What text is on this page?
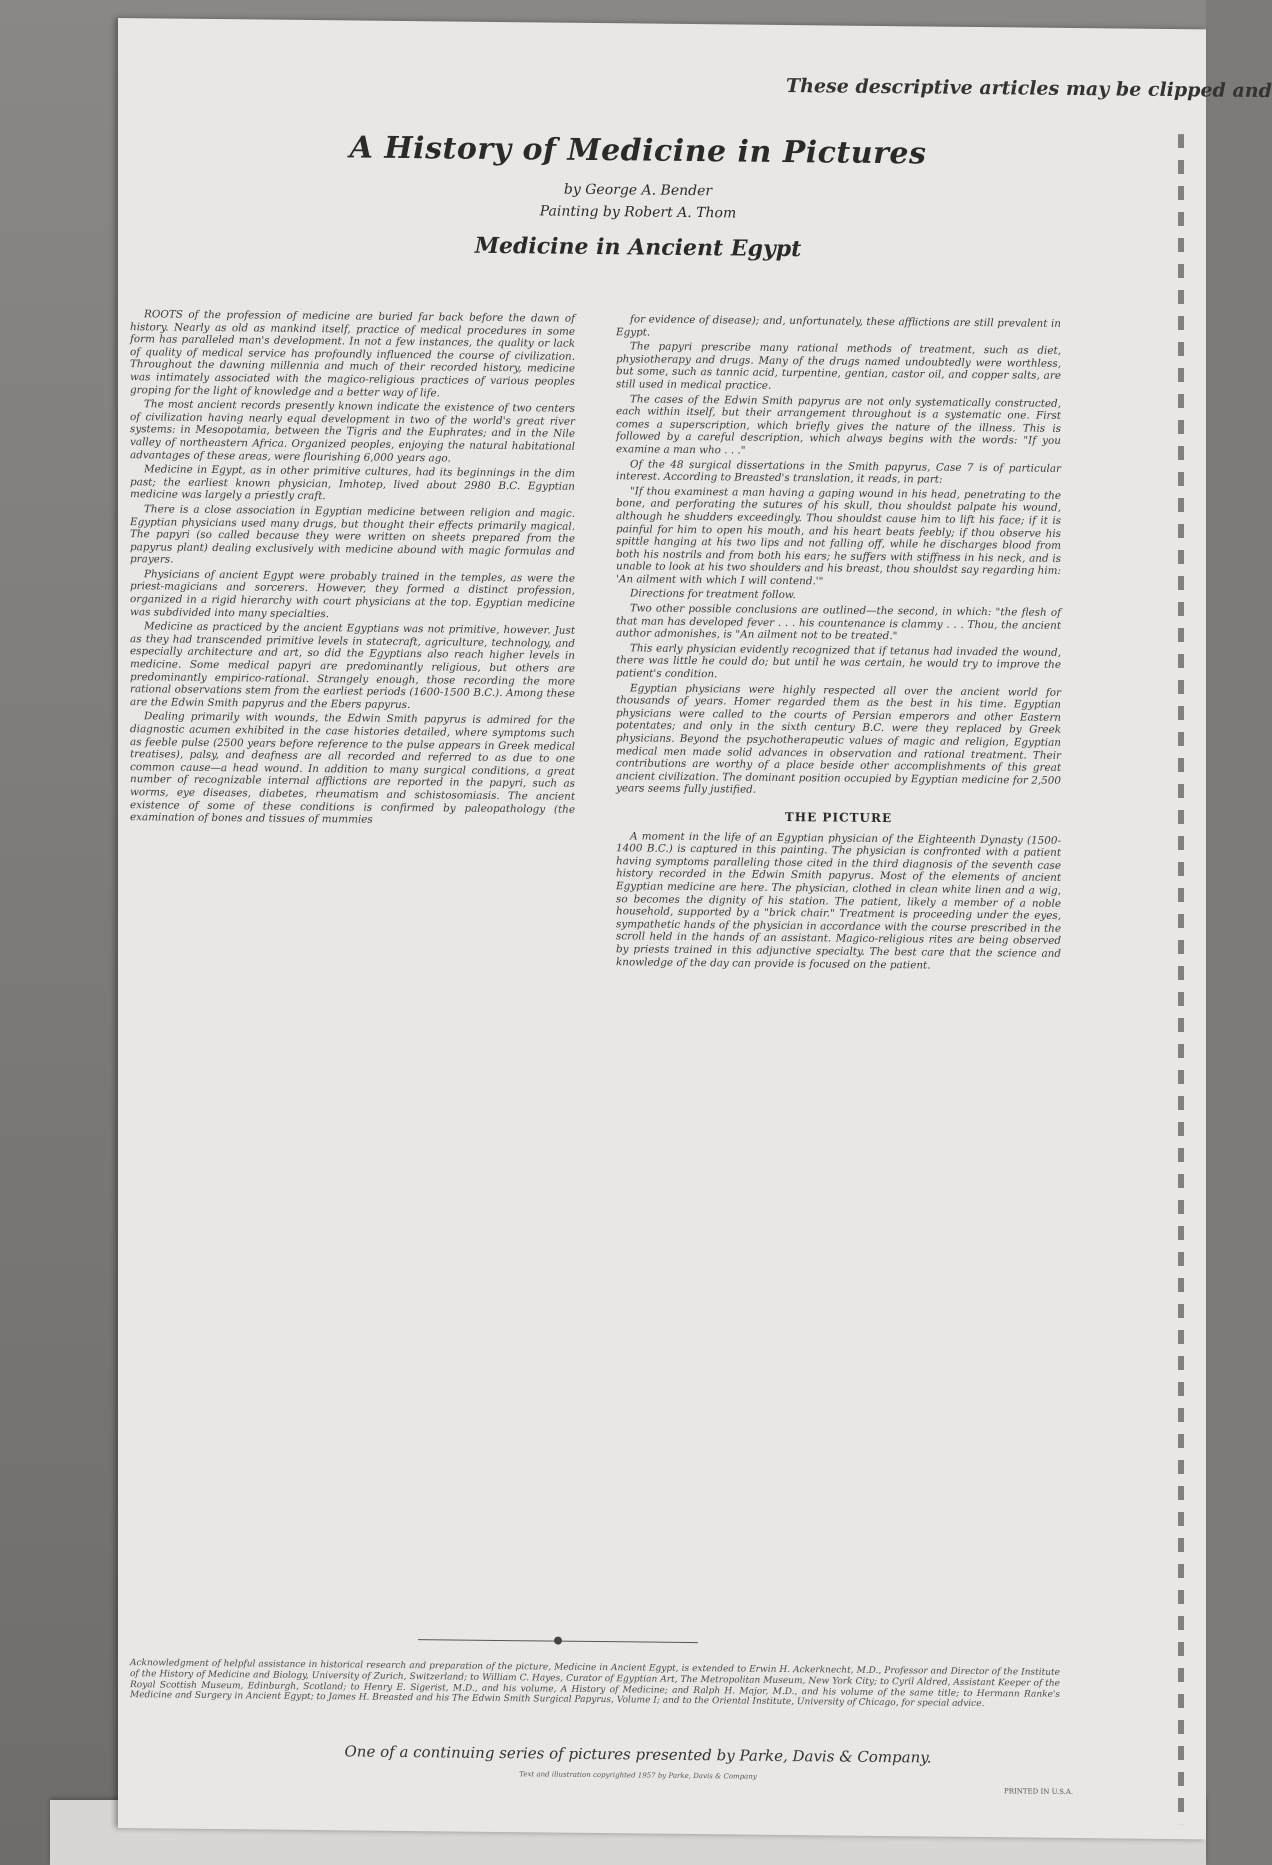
These descriptive articles may be clipped and
A History of Medicine in Pictures
by George A. Bender
Painting by Robert A. Thom
Medicine in Ancient Egypt

ROOTS of the profession of medicine are buried far back before the dawn of history. Nearly as old as mankind itself, practice of medical procedures in some form has paralleled man's development. In not a few instances, the quality or lack of quality of medical service has profoundly influenced the course of civilization. Throughout the dawning millennia and much of their recorded history, medicine was intimately associated with the magico-religious practices of various peoples groping for the light of knowledge and a better way of life.

The most ancient records presently known indicate the existence of two centers of civilization having nearly equal development in two of the world's great river systems: in Mesopotamia, between the Tigris and the Euphrates; and in the Nile valley of northeastern Africa. Organized peoples, enjoying the natural habitational advantages of these areas, were flourishing 6,000 years ago.

Medicine in Egypt, as in other primitive cultures, had its beginnings in the dim past; the earliest known physician, Imhotep, lived about 2980 B.C. Egyptian medicine was largely a priestly craft.

There is a close association in Egyptian medicine between religion and magic. Egyptian physicians used many drugs, but thought their effects primarily magical. The papyri (so called because they were written on sheets prepared from the papyrus plant) dealing exclusively with medicine abound with magic formulas and prayers.

Physicians of ancient Egypt were probably trained in the temples, as were the priest-magicians and sorcerers. However, they formed a distinct profession, organized in a rigid hierarchy with court physicians at the top. Egyptian medicine was subdivided into many specialties.

Medicine as practiced by the ancient Egyptians was not primitive, however. Just as they had transcended primitive levels in statecraft, agriculture, technology, and especially architecture and art, so did the Egyptians also reach higher levels in medicine. Some medical papyri are predominantly religious, but others are predominantly empirico-rational. Strangely enough, those recording the more rational observations stem from the earliest periods (1600-1500 B.C.). Among these are the Edwin Smith papyrus and the Ebers papyrus.

Dealing primarily with wounds, the Edwin Smith papyrus is admired for the diagnostic acumen exhibited in the case histories detailed, where symptoms such as feeble pulse (2500 years before reference to the pulse appears in Greek medical treatises), palsy, and deafness are all recorded and referred to as due to one common cause—a head wound. In addition to many surgical conditions, a great number of recognizable internal afflictions are reported in the papyri, such as worms, eye diseases, diabetes, rheumatism and schistosomiasis. The ancient existence of some of these conditions is confirmed by paleopathology (the examination of bones and tissues of mummies

for evidence of disease); and, unfortunately, these afflictions are still prevalent in Egypt.

The papyri prescribe many rational methods of treatment, such as diet, physiotherapy and drugs. Many of the drugs named undoubtedly were worthless, but some, such as tannic acid, turpentine, gentian, castor oil, and copper salts, are still used in medical practice.

The cases of the Edwin Smith papyrus are not only systematically constructed, each within itself, but their arrangement throughout is a systematic one. First comes a superscription, which briefly gives the nature of the illness. This is followed by a careful description, which always begins with the words: "If you examine a man who . . ."

Of the 48 surgical dissertations in the Smith papyrus, Case 7 is of particular interest. According to Breasted's translation, it reads, in part:

"If thou examinest a man having a gaping wound in his head, penetrating to the bone, and perforating the sutures of his skull, thou shouldst palpate his wound, although he shudders exceedingly. Thou shouldst cause him to lift his face; if it is painful for him to open his mouth, and his heart beats feebly; if thou observe his spittle hanging at his two lips and not falling off, while he discharges blood from both his nostrils and from both his ears; he suffers with stiffness in his neck, and is unable to look at his two shoulders and his breast, thou shouldst say regarding him: 'An ailment with which I will contend.'"

Directions for treatment follow.

Two other possible conclusions are outlined—the second, in which: "the flesh of that man has developed fever . . . his countenance is clammy . . . Thou, the ancient author admonishes, is "An ailment not to be treated."

This early physician evidently recognized that if tetanus had invaded the wound, there was little he could do; but until he was certain, he would try to improve the patient's condition.

Egyptian physicians were highly respected all over the ancient world for thousands of years. Homer regarded them as the best in his time. Egyptian physicians were called to the courts of Persian emperors and other Eastern potentates; and only in the sixth century B.C. were they replaced by Greek physicians. Beyond the psychotherapeutic values of magic and religion, Egyptian medical men made solid advances in observation and rational treatment. Their contributions are worthy of a place beside other accomplishments of this great ancient civilization. The dominant position occupied by Egyptian medicine for 2,500 years seems fully justified.

THE PICTURE

A moment in the life of an Egyptian physician of the Eighteenth Dynasty (1500-1400 B.C.) is captured in this painting. The physician is confronted with a patient having symptoms paralleling those cited in the third diagnosis of the seventh case history recorded in the Edwin Smith papyrus. Most of the elements of ancient Egyptian medicine are here. The physician, clothed in clean white linen and a wig, so becomes the dignity of his station. The patient, likely a member of a noble household, supported by a "brick chair." Treatment is proceeding under the eyes, sympathetic hands of the physician in accordance with the course prescribed in the scroll held in the hands of an assistant. Magico-religious rites are being observed by priests trained in this adjunctive specialty. The best care that the science and knowledge of the day can provide is focused on the patient.

Acknowledgment of helpful assistance in historical research and preparation of the picture, Medicine in Ancient Egypt, is extended to Erwin H. Ackerknecht, M.D., Professor and Director of the Institute of the History of Medicine and Biology, University of Zurich, Switzerland; to William C. Hayes, Curator of Egyptian Art, The Metropolitan Museum, New York City; to Cyril Aldred, Assistant Keeper of the Royal Scottish Museum, Edinburgh, Scotland; to Henry E. Sigerist, M.D., and his volume, A History of Medicine; and Ralph H. Major, M.D., and his volume of the same title; to Hermann Ranke's Medicine and Surgery in Ancient Egypt; to James H. Breasted and his The Edwin Smith Surgical Papyrus, Volume I; and to the Oriental Institute, University of Chicago, for special advice.
One of a continuing series of pictures presented by Parke, Davis & Company.
Text and illustration copyrighted 1957 by Parke, Davis & Company
PRINTED IN U.S.A.
